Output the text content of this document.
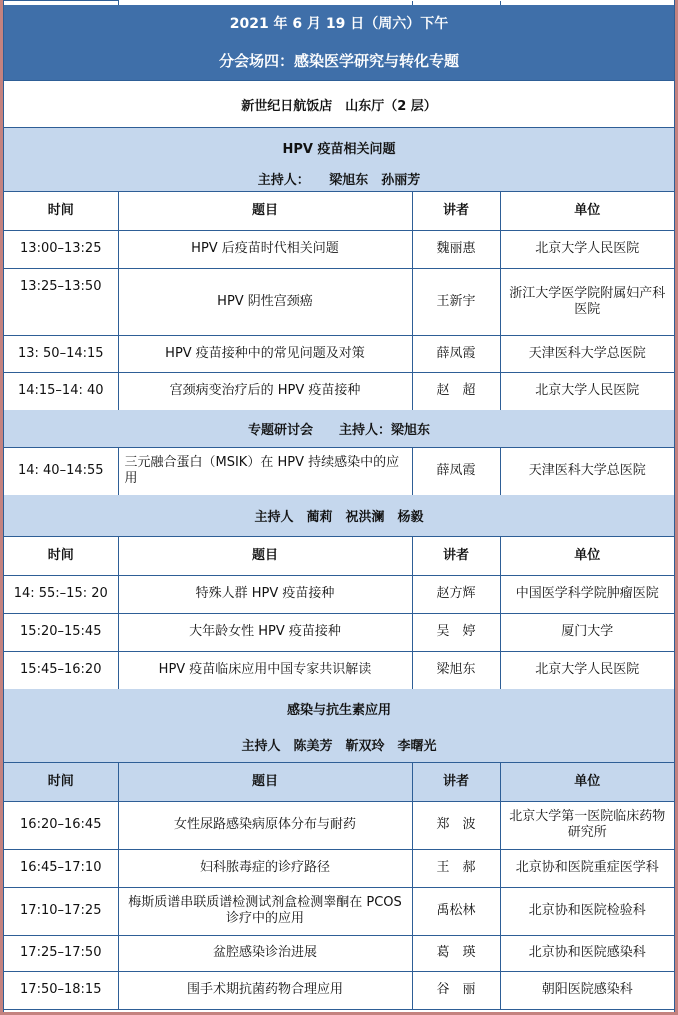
2021 年 6 月 19 日（周六）下午
分会场四：感染医学研究与转化专题
新世纪日航饭店　山东厅（2 层）
HPV 疫苗相关问题
主持人：　　梁旭东　孙丽芳
时间	题目	讲者	单位
13:00–13:25	HPV 后疫苗时代相关问题	魏丽惠	北京大学人民医院
13:25–13:50	HPV 阴性宫颈癌	王新宇	浙江大学医学院附属妇产科医院
13: 50–14:15	HPV 疫苗接种中的常见问题及对策	薛凤霞	天津医科大学总医院
14:15–14: 40	宫颈病变治疗后的 HPV 疫苗接种	赵　超	北京大学人民医院
专题研讨会　　主持人：梁旭东
14: 40–14:55	三元融合蛋白（MSIK）在 HPV 持续感染中的应用	薛凤霞	天津医科大学总医院
主持人　蔺莉　祝洪澜　杨毅
时间	题目	讲者	单位
14: 55:–15: 20	特殊人群 HPV 疫苗接种	赵方辉	中国医学科学院肿瘤医院
15:20–15:45	大年龄女性 HPV 疫苗接种	吴　婷	厦门大学
15:45–16:20	HPV 疫苗临床应用中国专家共识解读	梁旭东	北京大学人民医院
感染与抗生素应用
主持人　陈美芳　靳双玲　李曙光
时间	题目	讲者	单位
16:20–16:45	女性尿路感染病原体分布与耐药	郑　波	北京大学第一医院临床药物研究所
16:45–17:10	妇科脓毒症的诊疗路径	王　郝	北京协和医院重症医学科
17:10–17:25	梅斯质谱串联质谱检测试剂盒检测睾酮在 PCOS 诊疗中的应用	禹松林	北京协和医院检验科
17:25–17:50	盆腔感染诊治进展	葛　瑛	北京协和医院感染科
17:50–18:15	围手术期抗菌药物合理应用	谷　丽	朝阳医院感染科
